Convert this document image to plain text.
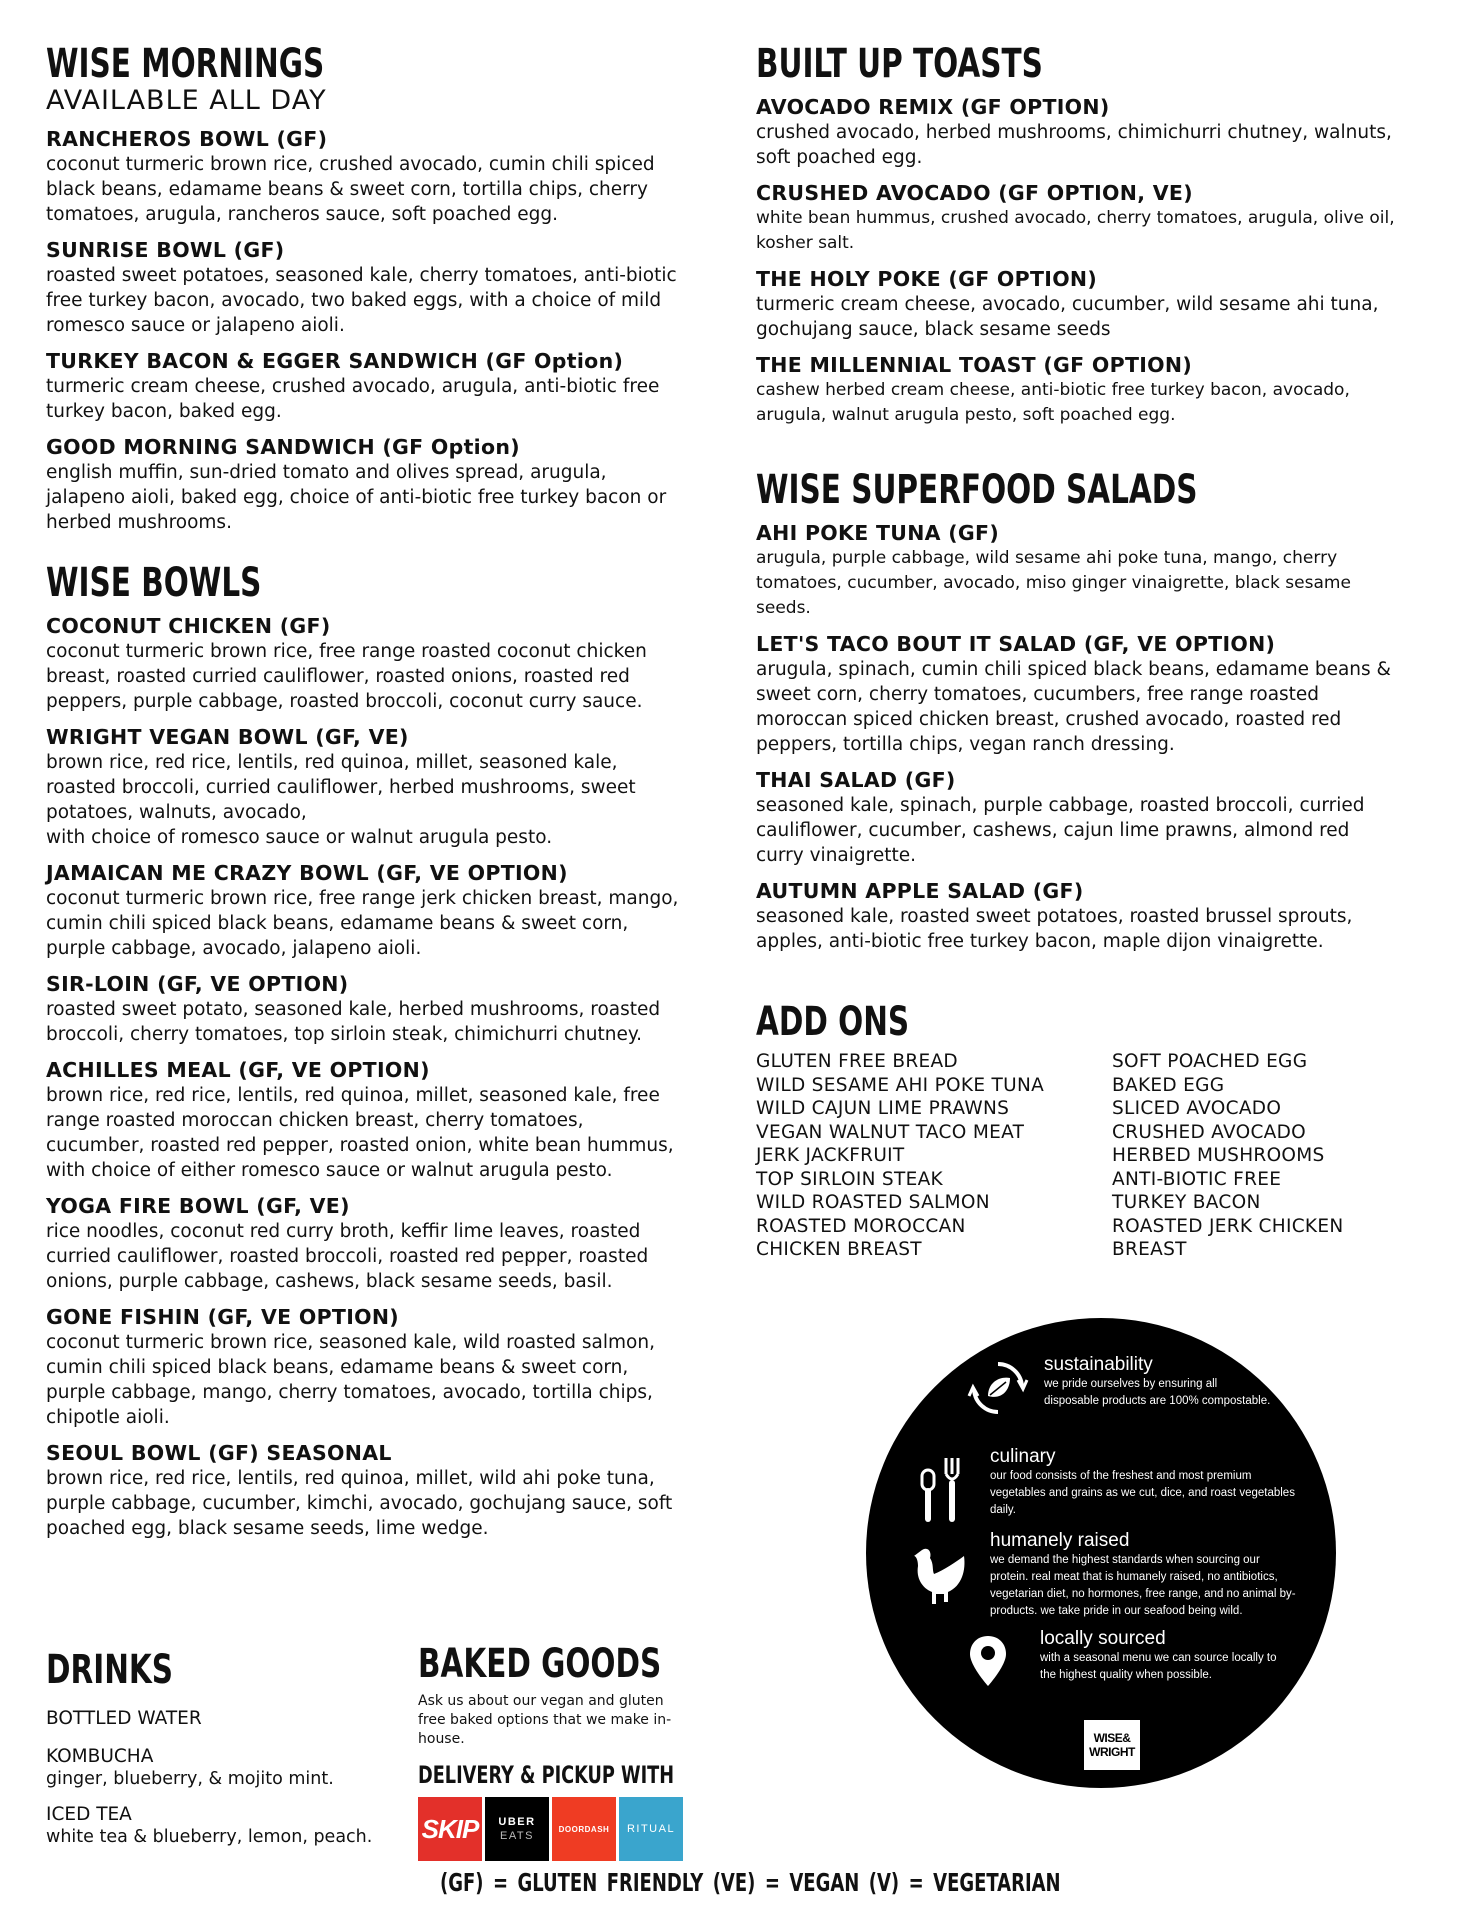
WISE MORNINGS
AVAILABLE ALL DAY
RANCHEROS BOWL (GF)
coconut turmeric brown rice, crushed avocado, cumin chili spiced black beans, edamame beans & sweet corn, tortilla chips, cherry tomatoes, arugula, rancheros sauce, soft poached egg.
SUNRISE BOWL (GF)
roasted sweet potatoes, seasoned kale, cherry tomatoes, anti-biotic free turkey bacon, avocado, two baked eggs, with a choice of mild romesco sauce or jalapeno aioli.
TURKEY BACON & EGGER SANDWICH (GF Option)
turmeric cream cheese, crushed avocado, arugula, anti-biotic free turkey bacon, baked egg.
GOOD MORNING SANDWICH (GF Option)
english muffin, sun-dried tomato and olives spread, arugula, jalapeno aioli, baked egg, choice of anti-biotic free turkey bacon or herbed mushrooms.
WISE BOWLS
COCONUT CHICKEN (GF)
coconut turmeric brown rice, free range roasted coconut chicken breast, roasted curried cauliflower, roasted onions, roasted red peppers, purple cabbage, roasted broccoli, coconut curry sauce.
WRIGHT VEGAN BOWL (GF, VE)
brown rice, red rice, lentils, red quinoa, millet, seasoned kale, roasted broccoli, curried cauliflower, herbed mushrooms, sweet potatoes, walnuts, avocado,
with choice of romesco sauce or walnut arugula pesto.
JAMAICAN ME CRAZY BOWL (GF, VE OPTION)
coconut turmeric brown rice, free range jerk chicken breast, mango, cumin chili spiced black beans, edamame beans & sweet corn, purple cabbage, avocado, jalapeno aioli.
SIR-LOIN (GF, VE OPTION)
roasted sweet potato, seasoned kale, herbed mushrooms, roasted broccoli, cherry tomatoes, top sirloin steak, chimichurri chutney.
ACHILLES MEAL (GF, VE OPTION)
brown rice, red rice, lentils, red quinoa, millet, seasoned kale, free range roasted moroccan chicken breast, cherry tomatoes, cucumber, roasted red pepper, roasted onion, white bean hummus, with choice of either romesco sauce or walnut arugula pesto.
YOGA FIRE BOWL (GF, VE)
rice noodles, coconut red curry broth, keffir lime leaves, roasted curried cauliflower, roasted broccoli, roasted red pepper, roasted onions, purple cabbage, cashews, black sesame seeds, basil.
GONE FISHIN (GF, VE OPTION)
coconut turmeric brown rice, seasoned kale, wild roasted salmon, cumin chili spiced black beans, edamame beans & sweet corn, purple cabbage, mango, cherry tomatoes, avocado, tortilla chips, chipotle aioli.
SEOUL BOWL (GF) SEASONAL
brown rice, red rice, lentils, red quinoa, millet, wild ahi poke tuna, purple cabbage, cucumber, kimchi, avocado, gochujang sauce, soft poached egg, black sesame seeds, lime wedge.
BUILT UP TOASTS
AVOCADO REMIX (GF OPTION)
crushed avocado, herbed mushrooms, chimichurri chutney, walnuts, soft poached egg.
CRUSHED AVOCADO (GF OPTION, VE)
white bean hummus, crushed avocado, cherry tomatoes, arugula, olive oil, kosher salt.
THE HOLY POKE (GF OPTION)
turmeric cream cheese, avocado, cucumber, wild sesame ahi tuna, gochujang sauce, black sesame seeds
THE MILLENNIAL TOAST (GF OPTION)
cashew herbed cream cheese, anti-biotic free turkey bacon, avocado, arugula, walnut arugula pesto, soft poached egg.
WISE SUPERFOOD SALADS
AHI POKE TUNA (GF)
arugula, purple cabbage, wild sesame ahi poke tuna, mango, cherry tomatoes, cucumber, avocado, miso ginger vinaigrette, black sesame seeds.
LET'S TACO BOUT IT SALAD (GF, VE OPTION)
arugula, spinach, cumin chili spiced black beans, edamame beans & sweet corn, cherry tomatoes, cucumbers, free range roasted moroccan spiced chicken breast, crushed avocado, roasted red peppers, tortilla chips, vegan ranch dressing.
THAI SALAD (GF)
seasoned kale, spinach, purple cabbage, roasted broccoli, curried cauliflower, cucumber, cashews, cajun lime prawns, almond red curry vinaigrette.
AUTUMN APPLE SALAD (GF)
seasoned kale, roasted sweet potatoes, roasted brussel sprouts, apples, anti-biotic free turkey bacon, maple dijon vinaigrette.
ADD ONS
GLUTEN FREE BREAD
WILD SESAME AHI POKE TUNA
WILD CAJUN LIME PRAWNS
VEGAN WALNUT TACO MEAT
JERK JACKFRUIT
TOP SIRLOIN STEAK
WILD ROASTED SALMON
ROASTED MOROCCAN
CHICKEN BREAST
SOFT POACHED EGG
BAKED EGG
SLICED AVOCADO
CRUSHED AVOCADO
HERBED MUSHROOMS
ANTI-BIOTIC FREE
TURKEY BACON
ROASTED JERK CHICKEN
BREAST
DRINKS
BOTTLED WATER
KOMBUCHA
ginger, blueberry, & mojito mint.
ICED TEA
white tea & blueberry, lemon, peach.
BAKED GOODS

Ask us about our vegan and gluten free baked options that we make in-house.

DELIVERY & PICKUP WITH
SKIP UBER
EATS
DOORDASH RITUAL
sustainability
we pride ourselves by ensuring all disposable products are 100% compostable.
culinary
our food consists of the freshest and most premium vegetables and grains as we cut, dice, and roast vegetables daily.
humanely raised
we demand the highest standards when sourcing our protein. real meat that is humanely raised, no antibiotics, vegetarian diet, no hormones, free range, and no animal by-products. we take pride in our seafood being wild.
locally sourced
with a seasonal menu we can source locally to the highest quality when possible.
WISE& WRIGHT
(GF) = GLUTEN FRIENDLY (VE) = VEGAN (V) = VEGETARIAN
